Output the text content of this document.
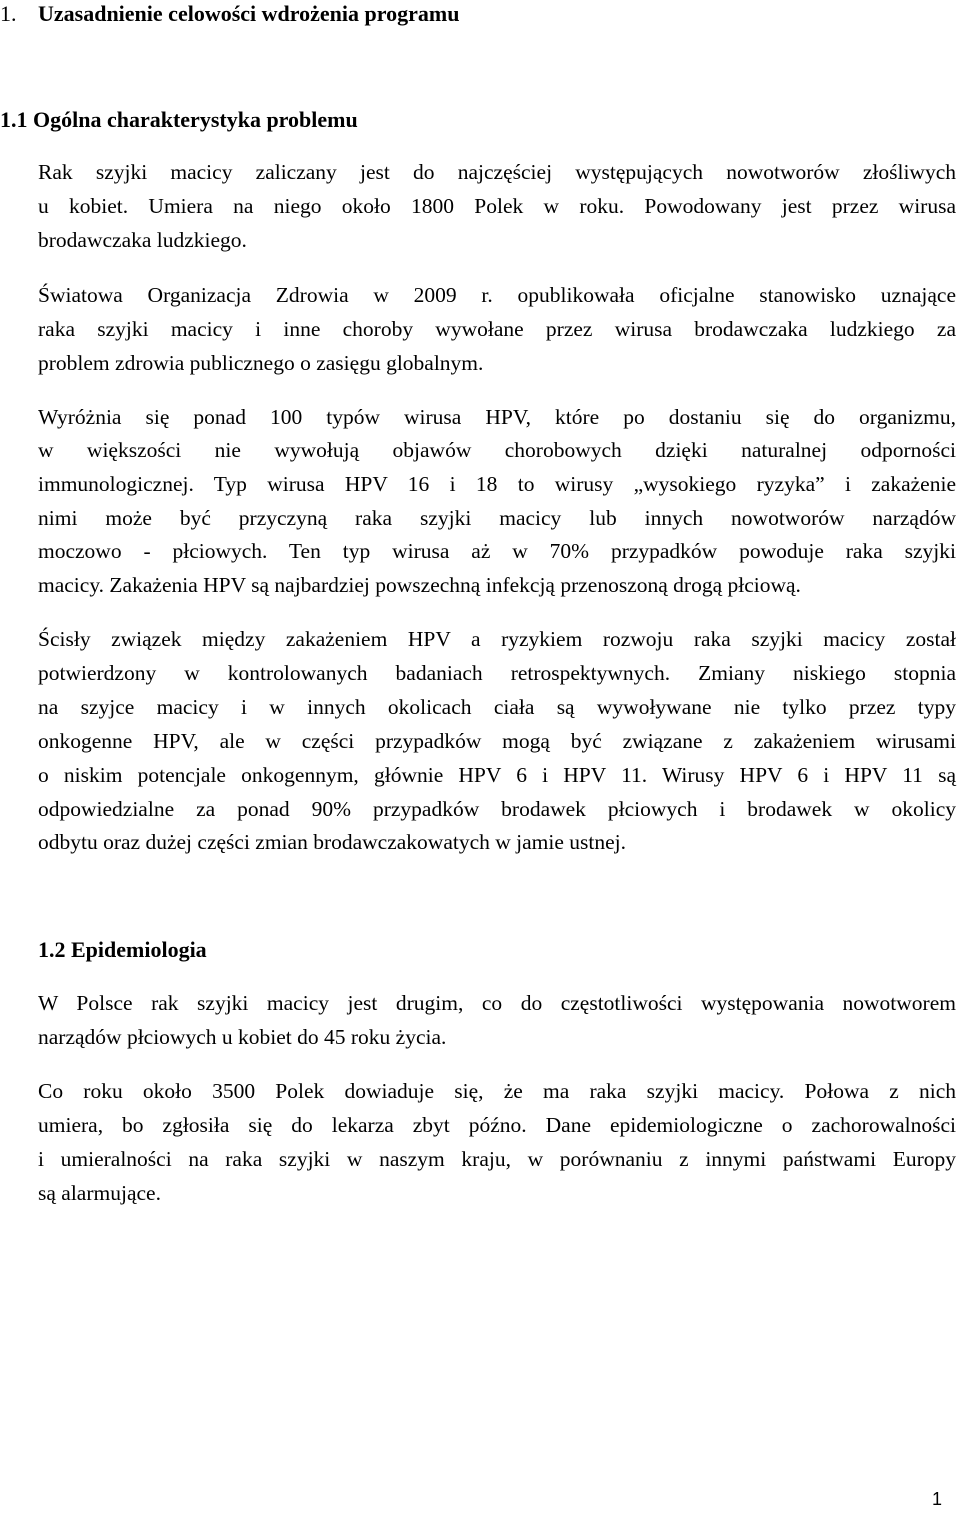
1. Uzasadnienie celowości wdrożenia programu
1.1 Ogólna charakterystyka problemu
Rak szyjki macicy zaliczany jest do najczęściej występujących nowotworów złośliwych
u kobiet. Umiera na niego około 1800 Polek w roku. Powodowany jest przez wirusa
brodawczaka ludzkiego.
Światowa Organizacja Zdrowia w 2009 r. opublikowała oficjalne stanowisko uznające
raka szyjki macicy i inne choroby wywołane przez wirusa brodawczaka ludzkiego za
problem zdrowia publicznego o zasięgu globalnym.
Wyróżnia się ponad 100 typów wirusa HPV, które po dostaniu się do organizmu,
w większości nie wywołują objawów chorobowych dzięki naturalnej odporności
immunologicznej. Typ wirusa HPV 16 i 18 to wirusy „wysokiego ryzyka” i zakażenie
nimi może być przyczyną raka szyjki macicy lub innych nowotworów narządów
moczowo - płciowych. Ten typ wirusa aż w 70% przypadków powoduje raka szyjki
macicy. Zakażenia HPV są najbardziej powszechną infekcją przenoszoną drogą płciową.
Ścisły związek między zakażeniem HPV a ryzykiem rozwoju raka szyjki macicy został
potwierdzony w kontrolowanych badaniach retrospektywnych. Zmiany niskiego stopnia
na szyjce macicy i w innych okolicach ciała są wywoływane nie tylko przez typy
onkogenne HPV, ale w części przypadków mogą być związane z zakażeniem wirusami
o niskim potencjale onkogennym, głównie HPV 6 i HPV 11. Wirusy HPV 6 i HPV 11 są
odpowiedzialne za ponad 90% przypadków brodawek płciowych i brodawek w okolicy
odbytu oraz dużej części zmian brodawczakowatych w jamie ustnej.
1.2 Epidemiologia
W Polsce rak szyjki macicy jest drugim, co do częstotliwości występowania nowotworem
narządów płciowych u kobiet do 45 roku życia.
Co roku około 3500 Polek dowiaduje się, że ma raka szyjki macicy. Połowa z nich
umiera, bo zgłosiła się do lekarza zbyt późno. Dane epidemiologiczne o zachorowalności
i umieralności na raka szyjki w naszym kraju, w porównaniu z innymi państwami Europy
są alarmujące.
1
